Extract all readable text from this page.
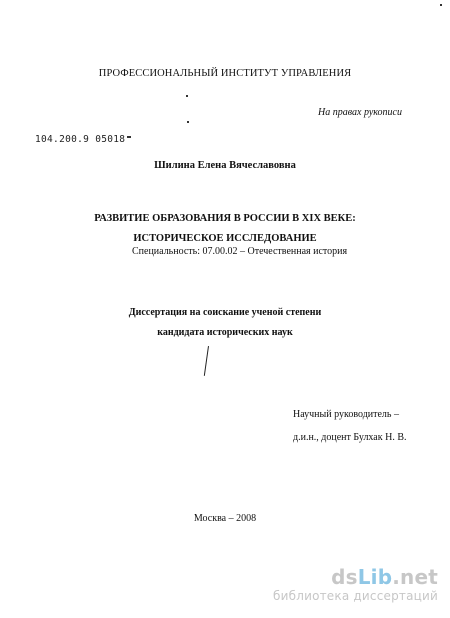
ПРОФЕССИОНАЛЬНЫЙ ИНСТИТУТ УПРАВЛЕНИЯ
На правах рукописи
104.200.9 05018
Шилина Елена Вячеславовна
РАЗВИТИЕ ОБРАЗОВАНИЯ В РОССИИ В XIX ВЕКЕ:
ИСТОРИЧЕСКОЕ ИССЛЕДОВАНИЕ
Специальность: 07.00.02 – Отечественная история
Диссертация на соискание ученой степени
кандидата исторических наук
Научный руководитель –
д.и.н., доцент Булхак Н. В.
Москва – 2008
dsLib.net
библиотека диссертаций
